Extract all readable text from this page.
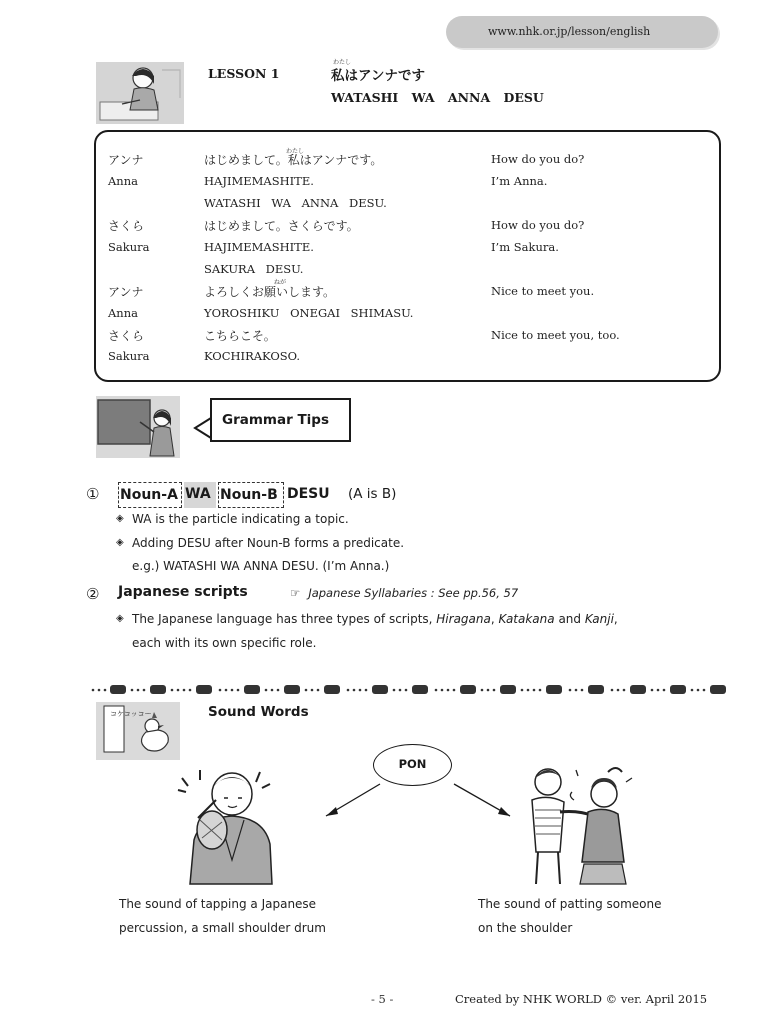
www.nhk.or.jp/lesson/english
LESSON 1
わたし
私はアンナです
WATASHI WA ANNA DESU
わたし
ねが
アンナ	はじめまして。私はアンナです。	How do you do?
Anna	HAJIMEMASHITE.	I’m Anna.
WATASHI WA ANNA DESU.
さくら	はじめまして。さくらです。	How do you do?
Sakura	HAJIMEMASHITE.	I’m Sakura.
SAKURA DESU.
アンナ	よろしくお願いします。	Nice to meet you.
Anna	YOROSHIKU ONEGAI SHIMASU.
さくら	こちらこそ。	Nice to meet you, too.
Sakura	KOCHIRAKOSO.
Grammar Tips
① Noun-A WA Noun-B DESU (A is B)
◈ WA is the particle indicating a topic.
◈ Adding DESU after Noun-B forms a predicate.
e.g.) WATASHI WA ANNA DESU. (I’m Anna.)
② Japanese scripts	☞ Japanese Syllabaries : See pp.56, 57
◈ The Japanese language has three types of scripts, Hiragana, Katakana and Kanji,
each with its own specific role.
コケコッコー	Sound Words
PON
The sound of tapping a Japanese
percussion, a small shoulder drum
The sound of patting someone
on the shoulder
- 5 -	Created by NHK WORLD © ver. April 2015
